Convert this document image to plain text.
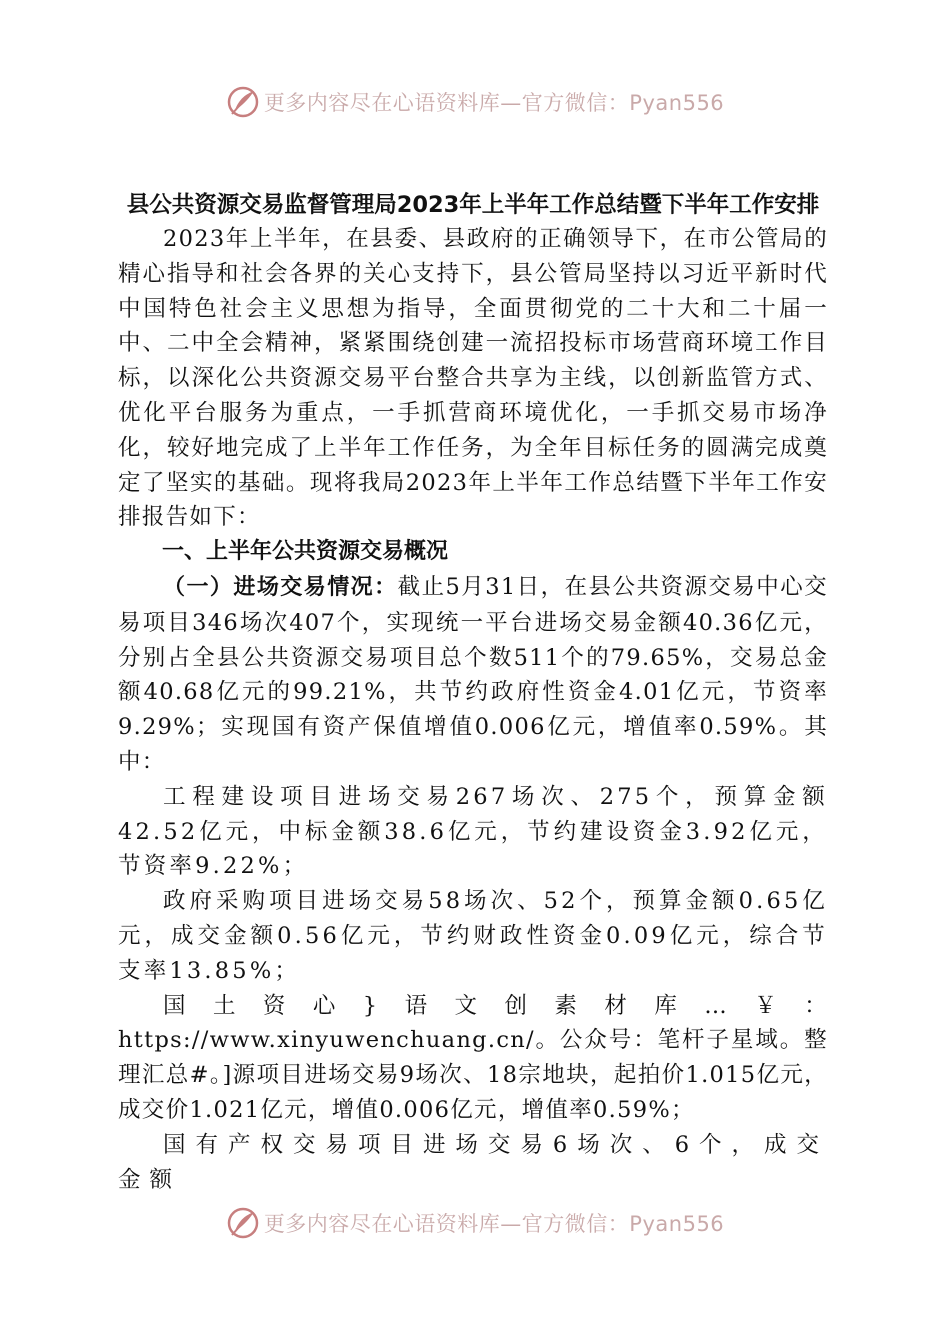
更多内容尽在心语资料库—官方微信：Pyan556
县公共资源交易监督管理局2023年上半年工作总结暨下半年工作安排

2023年上半年，在县委、县政府的正确领导下，在市公管局的精心指导和社会各界的关心支持下，县公管局坚持以习近平新时代中国特色社会主义思想为指导，全面贯彻党的二十大和二十届一中、二中全会精神，紧紧围绕创建一流招投标市场营商环境工作目标，以深化公共资源交易平台整合共享为主线，以创新监管方式、优化平台服务为重点，一手抓营商环境优化，一手抓交易市场净化，较好地完成了上半年工作任务，为全年目标任务的圆满完成奠定了坚实的基础。现将我局2023年上半年工作总结暨下半年工作安排报告如下：

一、上半年公共资源交易概况

（一）进场交易情况：截止5月31日，在县公共资源交易中心交易项目346场次407个，实现统一平台进场交易金额40.36亿元，分别占全县公共资源交易项目总个数511个的79.65%，交易总金额40.68亿元的99.21%，共节约政府性资金4.01亿元，节资率9.29%；实现国有资产保值增值0.006亿元，增值率0.59%。其中：

工程建设项目进场交易267场次、275个，预算金额42.52亿元，中标金额38.6亿元，节约建设资金3.92亿元，节资率9.22%；

政府采购项目进场交易58场次、52个，预算金额0.65亿元，成交金额0.56亿元，节约财政性资金0.09亿元，综合节支率13.85%；

国土资心}语文创素材库…￥：https://www.xinyuwenchuang.cn/。公众号：笔杆子星域。整理汇总#。]源项目进场交易9场次、18宗地块，起拍价1.015亿元，成交价1.021亿元，增值0.006亿元，增值率0.59%；

国有产权交易项目进场交易6场次、6个，成交金额

更多内容尽在心语资料库—官方微信：Pyan556
